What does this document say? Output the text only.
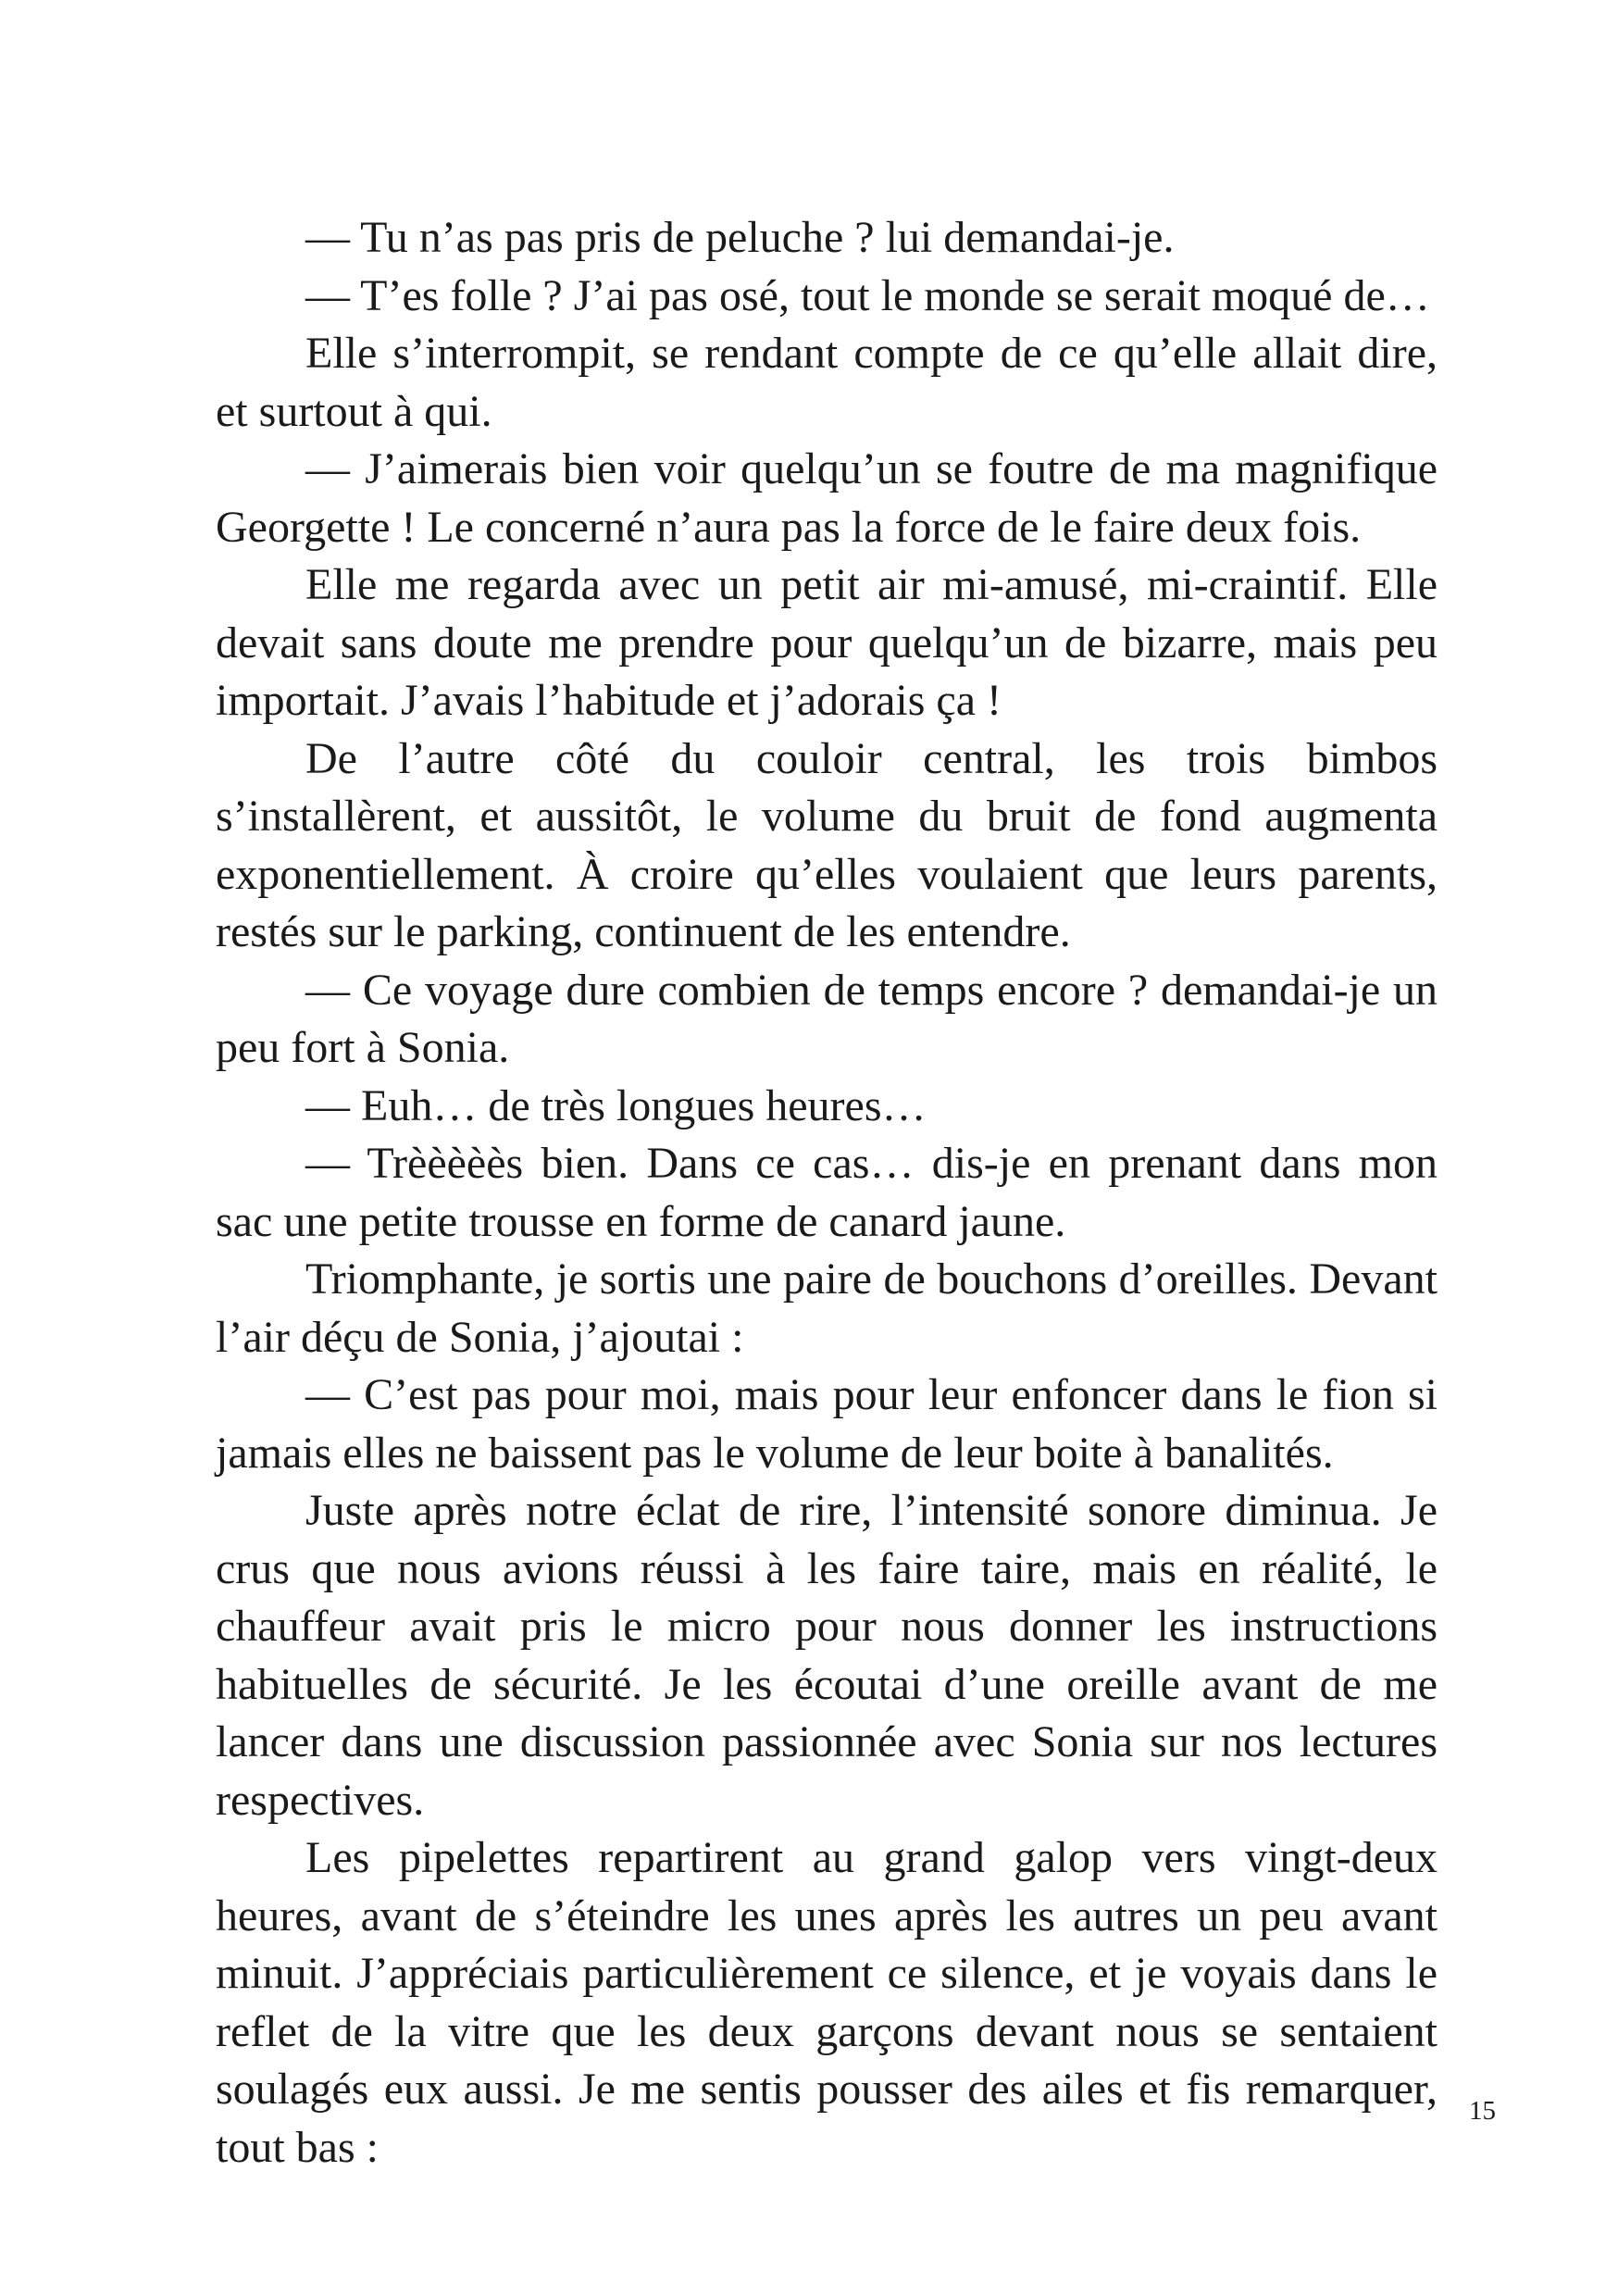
— Tu n’as pas pris de peluche ? lui demandai-je.

— T’es folle ? J’ai pas osé, tout le monde se serait moqué de…

Elle s’interrompit, se rendant compte de ce qu’elle allait dire, et surtout à qui.

— J’aimerais bien voir quelqu’un se foutre de ma magnifique Georgette ! Le concerné n’aura pas la force de le faire deux fois.

Elle me regarda avec un petit air mi-amusé, mi-craintif. Elle devait sans doute me prendre pour quelqu’un de bizarre, mais peu importait. J’avais l’habitude et j’adorais ça !

De l’autre côté du couloir central, les trois bimbos s’installèrent, et aussitôt, le volume du bruit de fond augmenta exponentiellement. À croire qu’elles voulaient que leurs parents, restés sur le parking, continuent de les entendre.

— Ce voyage dure combien de temps encore ? demandai-je un peu fort à Sonia.

— Euh… de très longues heures…

— Trèèèèès bien. Dans ce cas… dis-je en prenant dans mon sac une petite trousse en forme de canard jaune.

Triomphante, je sortis une paire de bouchons d’oreilles. Devant l’air déçu de Sonia, j’ajoutai :

— C’est pas pour moi, mais pour leur enfoncer dans le fion si jamais elles ne baissent pas le volume de leur boite à banalités.

Juste après notre éclat de rire, l’intensité sonore diminua. Je crus que nous avions réussi à les faire taire, mais en réalité, le chauffeur avait pris le micro pour nous donner les instructions habituelles de sécurité. Je les écoutai d’une oreille avant de me lancer dans une discussion passionnée avec Sonia sur nos lectures respectives.

Les pipelettes repartirent au grand galop vers vingt-deux heures, avant de s’éteindre les unes après les autres un peu avant minuit. J’appréciais particulièrement ce silence, et je voyais dans le reflet de la vitre que les deux garçons devant nous se sentaient soulagés eux aussi. Je me sentis pousser des ailes et fis remarquer, tout bas :

15
